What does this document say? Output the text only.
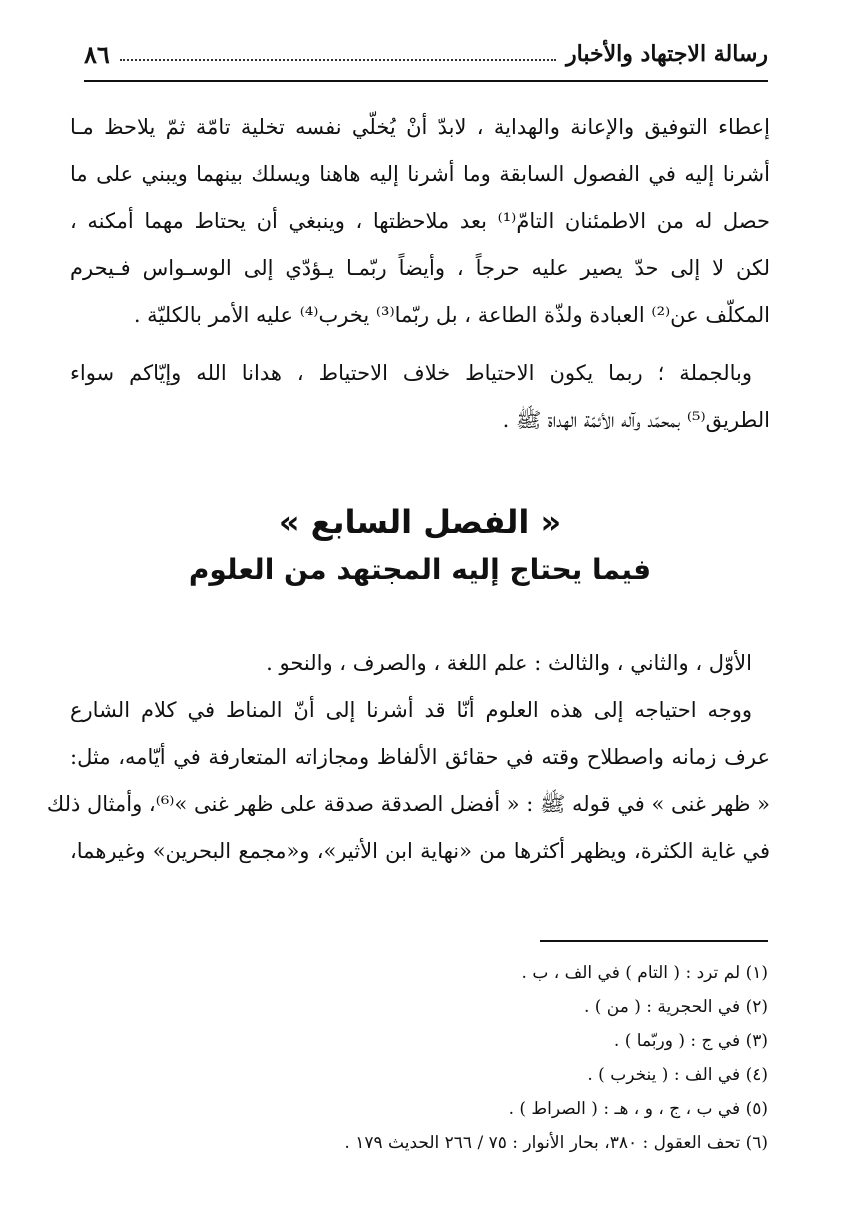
رسالة الاجتهاد والأخبار
٨٦
إعطاء التوفيق والإعانة والهداية ، لابدّ أنْ يُخلّي نفسه تخلية تامّة ثمّ يلاحظ مـا
أشرنا إليه في الفصول السابقة وما أشرنا إليه هاهنا ويسلك بينهما ويبني على ما
حصل له من الاطمئنان التامّ⁽¹⁾ بعد ملاحظتها ، وينبغي أن يحتاط مهما أمكنه ،
لكن لا إلى حدّ يصير عليه حرجاً ، وأيضاً ربّمـا يـؤدّي إلى الوسـواس فـيحرم
المكلّف عن⁽²⁾ العبادة ولذّة الطاعة ، بل ربّما⁽³⁾ يخرب⁽⁴⁾ عليه الأمر بالكليّة .
وبالجملة ؛ ربما يكون الاحتياط خلاف الاحتياط ، هدانا الله وإيّاكم سواء
الطريق⁽⁵⁾ بمحمّد وآله الأئمّة الهداة ﷺ .
« الفصل السابع »
فيما يحتاج إليه المجتهد من العلوم
الأوّل ، والثاني ، والثالث : علم اللغة ، والصرف ، والنحو .
ووجه احتياجه إلى هذه العلوم أنّا قد أشرنا إلى أنّ المناط في كلام الشارع
عرف زمانه واصطلاح وقته في حقائق الألفاظ ومجازاته المتعارفة في أيّامه، مثل:
« ظهر غنى » في قوله ﷺ : « أفضل الصدقة صدقة على ظهر غنى »⁽⁶⁾، وأمثال ذلك
في غاية الكثرة، ويظهر أكثرها من «نهاية ابن الأثير»، و«مجمع البحرين» وغيرهما،
(١) لم ترد : ( التام ) في الف ، ب .
(٢) في الحجرية : ( من ) .
(٣) في ج : ( وربّما ) .
(٤) في الف : ( ينخرب ) .
(٥) في ب ، ج ، و ، هـ : ( الصراط ) .
(٦) تحف العقول : ٣٨٠، بحار الأنوار : ٧٥ / ٢٦٦ الحديث ١٧٩ .
